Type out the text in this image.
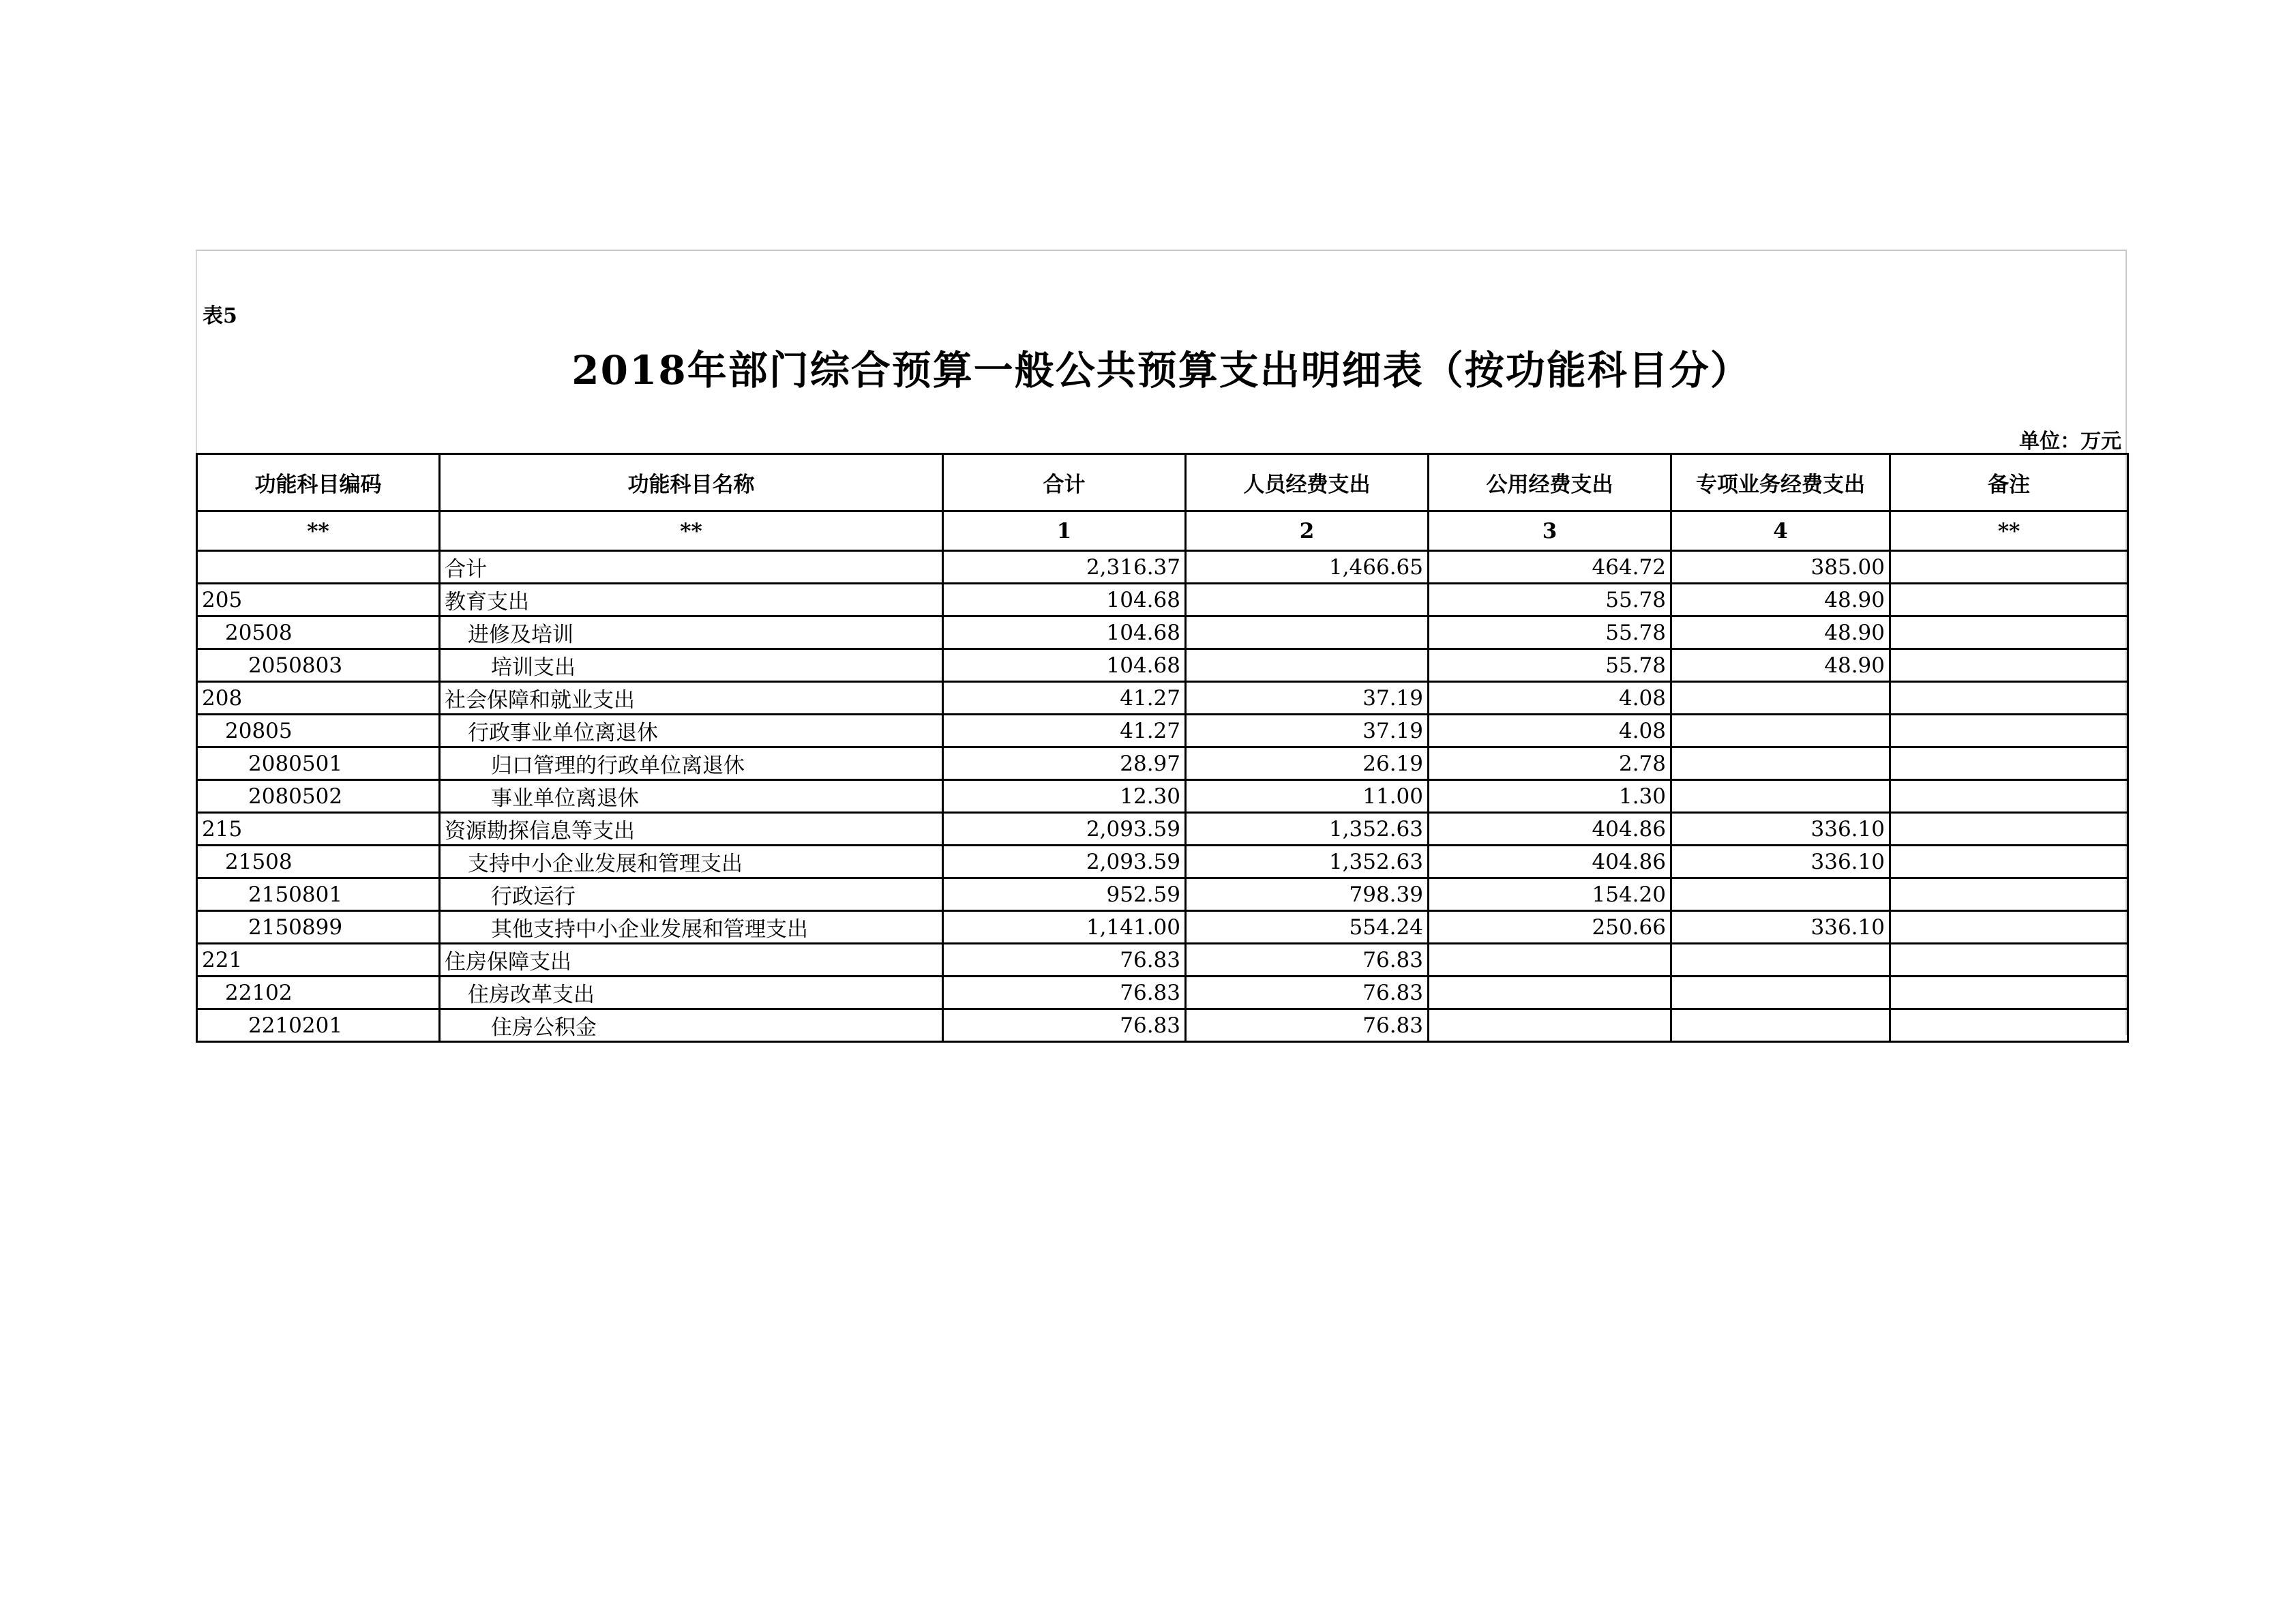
表5
2018年部门综合预算一般公共预算支出明细表（按功能科目分）
单位：万元
功能科目编码	功能科目名称	合计	人员经费支出	公用经费支出	专项业务经费支出	备注
**	**	1	2	3	4	**
	合计	2,316.37	1,466.65	464.72	385.00	
205	教育支出	104.68		55.78	48.90	
20508	进修及培训	104.68		55.78	48.90	
2050803	培训支出	104.68		55.78	48.90	
208	社会保障和就业支出	41.27	37.19	4.08		
20805	行政事业单位离退休	41.27	37.19	4.08		
2080501	归口管理的行政单位离退休	28.97	26.19	2.78		
2080502	事业单位离退休	12.30	11.00	1.30		
215	资源勘探信息等支出	2,093.59	1,352.63	404.86	336.10	
21508	支持中小企业发展和管理支出	2,093.59	1,352.63	404.86	336.10	
2150801	行政运行	952.59	798.39	154.20		
2150899	其他支持中小企业发展和管理支出	1,141.00	554.24	250.66	336.10	
221	住房保障支出	76.83	76.83			
22102	住房改革支出	76.83	76.83			
2210201	住房公积金	76.83	76.83			
